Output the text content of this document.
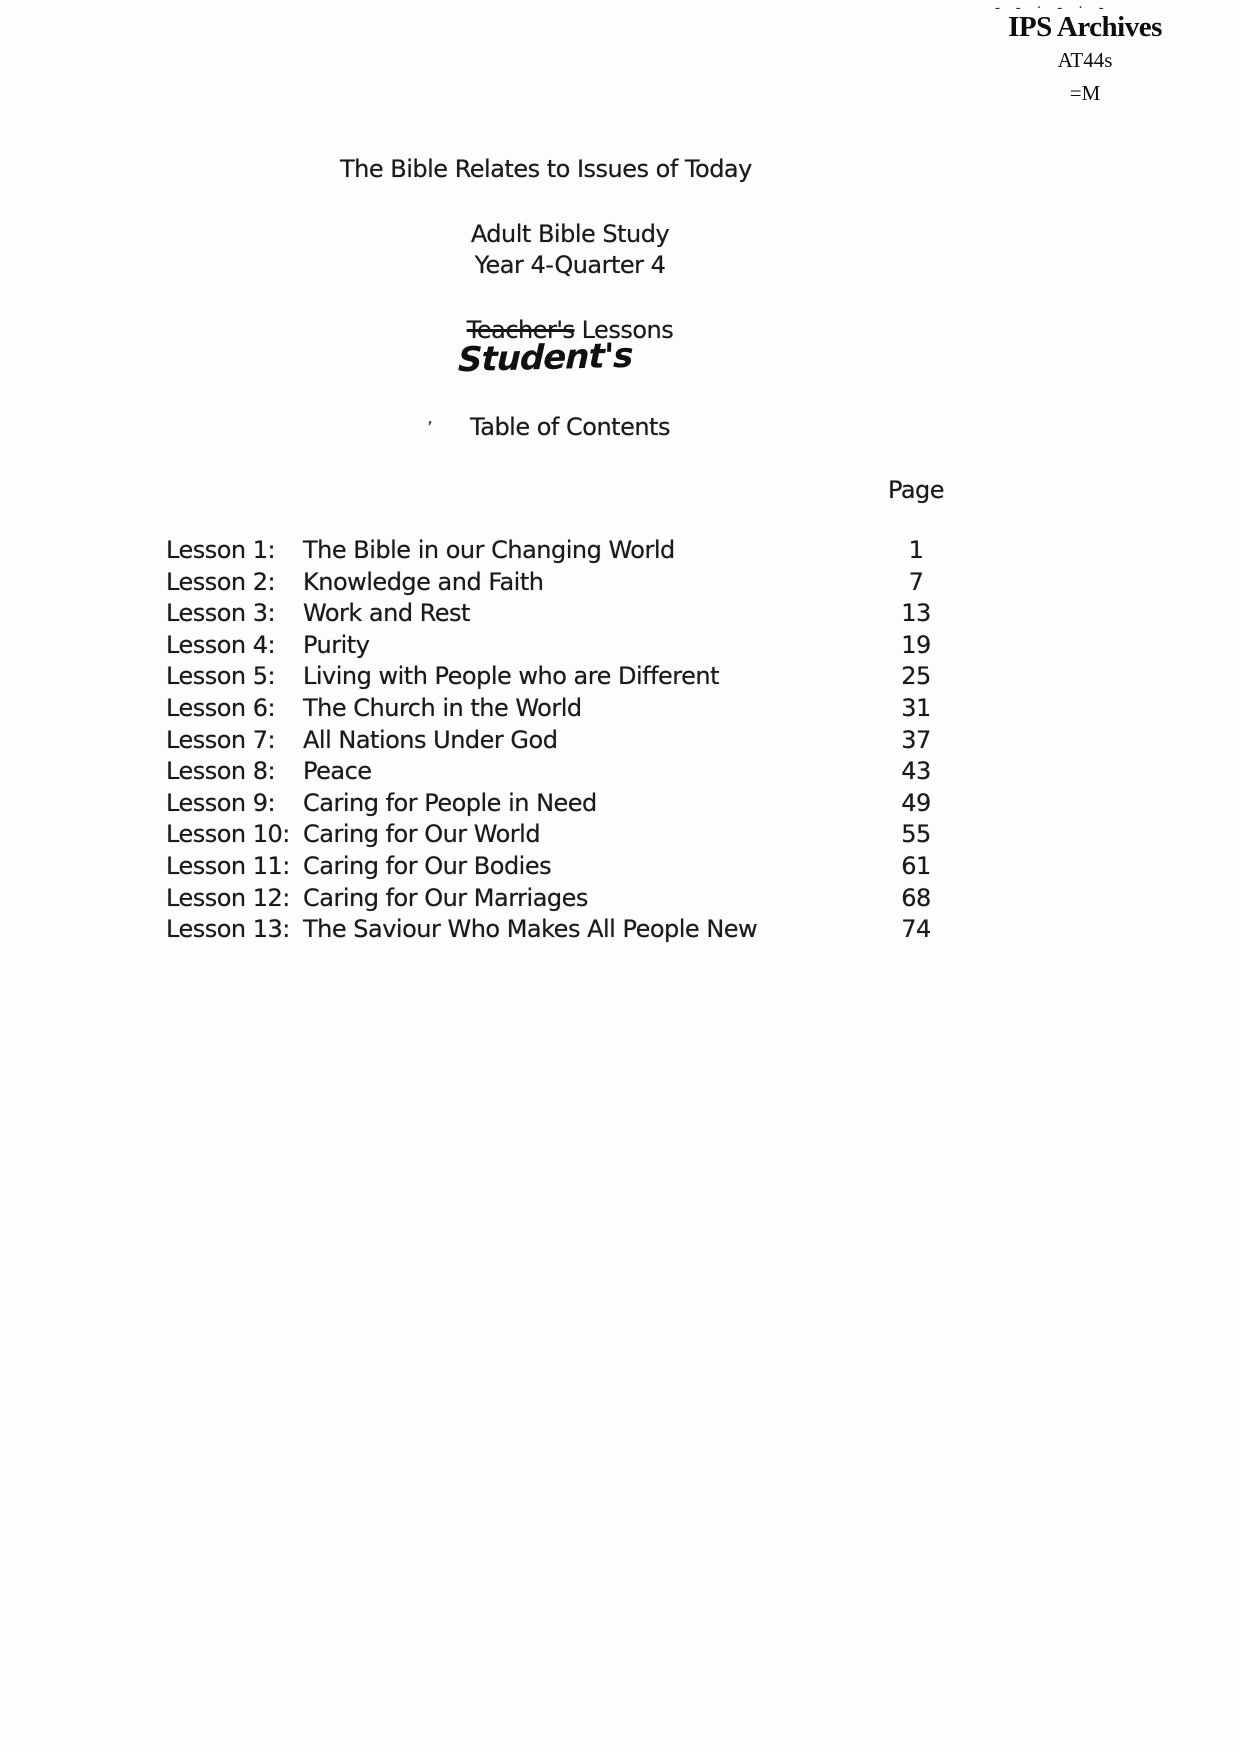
- - · - · -
IPS Archives
AT44s
=M
The Bible Relates to Issues of Today
Adult Bible Study
Year 4-Quarter 4
Teacher's Lessons
Student's
’	Table of Contents
Page
Lesson 1:	The Bible in our Changing World	1
Lesson 2:	Knowledge and Faith	7
Lesson 3:	Work and Rest	13
Lesson 4:	Purity	19
Lesson 5:	Living with People who are Different	25
Lesson 6:	The Church in the World	31
Lesson 7:	All Nations Under God	37
Lesson 8:	Peace	43
Lesson 9:	Caring for People in Need	49
Lesson 10: Caring for Our World	55
Lesson 11: Caring for Our Bodies	61
Lesson 12: Caring for Our Marriages	68
Lesson 13: The Saviour Who Makes All People New	74
